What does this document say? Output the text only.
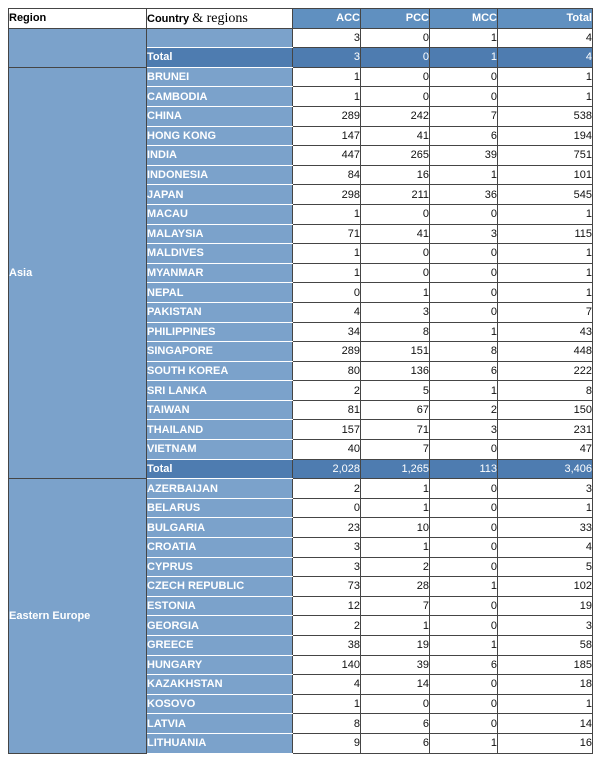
Region	Country & regions	ACC	PCC	MCC	Total
		3	0	1	4
	Total	3	0	1	4
Asia	BRUNEI	1	0	0	1
	CAMBODIA	1	0	0	1
	CHINA	289	242	7	538
	HONG KONG	147	41	6	194
	INDIA	447	265	39	751
	INDONESIA	84	16	1	101
	JAPAN	298	211	36	545
	MACAU	1	0	0	1
	MALAYSIA	71	41	3	115
	MALDIVES	1	0	0	1
	MYANMAR	1	0	0	1
	NEPAL	0	1	0	1
	PAKISTAN	4	3	0	7
	PHILIPPINES	34	8	1	43
	SINGAPORE	289	151	8	448
	SOUTH KOREA	80	136	6	222
	SRI LANKA	2	5	1	8
	TAIWAN	81	67	2	150
	THAILAND	157	71	3	231
	VIETNAM	40	7	0	47
	Total	2,028	1,265	113	3,406
Eastern Europe	AZERBAIJAN	2	1	0	3
	BELARUS	0	1	0	1
	BULGARIA	23	10	0	33
	CROATIA	3	1	0	4
	CYPRUS	3	2	0	5
	CZECH REPUBLIC	73	28	1	102
	ESTONIA	12	7	0	19
	GEORGIA	2	1	0	3
	GREECE	38	19	1	58
	HUNGARY	140	39	6	185
	KAZAKHSTAN	4	14	0	18
	KOSOVO	1	0	0	1
	LATVIA	8	6	0	14
	LITHUANIA	9	6	1	16
